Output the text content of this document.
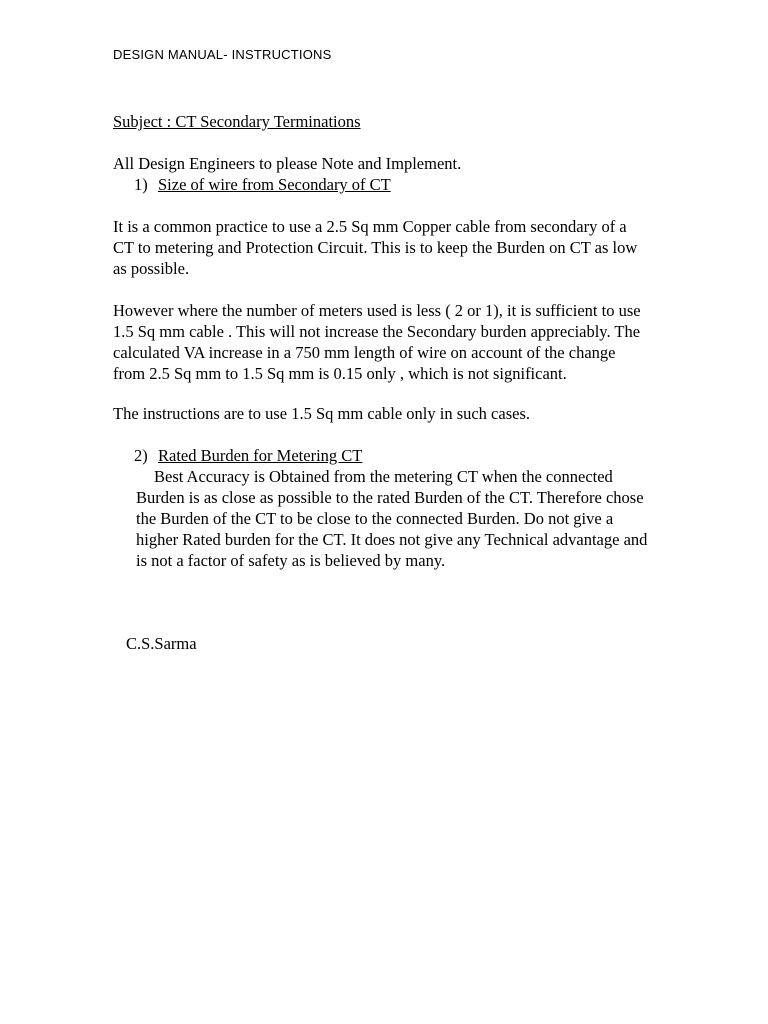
DESIGN MANUAL- INSTRUCTIONS
Subject : CT Secondary Terminations
All Design Engineers to please Note and Implement.
1) Size of wire from Secondary of CT

It is a common practice to use a 2.5 Sq mm Copper cable from secondary of a CT to metering and Protection Circuit. This is to keep the Burden on CT as low as possible.

However where the number of meters used is less ( 2 or 1), it is sufficient to use 1.5 Sq mm cable . This will not increase the Secondary burden appreciably. The calculated VA increase in a 750 mm length of wire on account of the change from 2.5 Sq mm to 1.5 Sq mm is 0.15 only , which is not significant.

The instructions are to use 1.5 Sq mm cable only in such cases.

2) Rated Burden for Metering CT
Best Accuracy is Obtained from the metering CT when the connected
Burden is as close as possible to the rated Burden of the CT. Therefore chose the Burden of the CT to be close to the connected Burden. Do not give a higher Rated burden for the CT. It does not give any Technical advantage and is not a factor of safety as is believed by many.
C.S.Sarma
